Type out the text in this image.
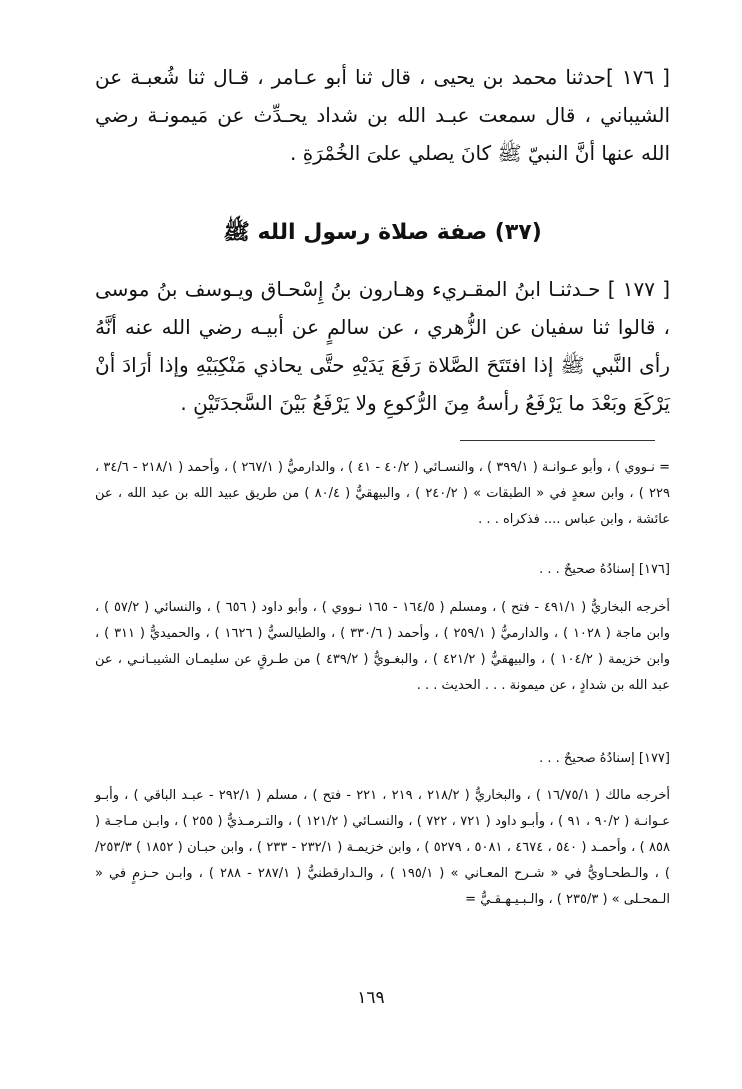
[ ١٧٦ ]حدثنا محمد بن يحيى ، قال ثنا أبو عـامر ، قـال ثنا شُعبـة عن الشيباني ، قال سمعت عبـد الله بن شداد يحـدِّث عن مَيمونـة رضي الله عنها أنَّ النبيّ ﷺ كانَ يصلي علىَ الخُمْرَةِ .

(٣٧) صفة صلاة رسول الله ﷺ

[ ١٧٧ ] حـدثنـا ابنُ المقـريء وهـارون بنُ إِسْحـاق ويـوسف بنُ موسى ، قالوا ثنا سفيان عن الزُّهري ، عن سالمٍ عن أبيـه رضي الله عنه أنَّهُ رأى النَّبي ﷺ إذا افتَتَحَ الصَّلاة رَفَعَ يَدَيْهِ حتَّى يحاذي مَنْكِبَيْهِ وإذا أرَادَ أنْ يَرْكَعَ وبَعْدَ ما يَرْفَعُ رأسهُ مِنَ الرُّكوعِ ولا يَرْفَعُ بَيْنَ السَّجدَتَيْنِ .

= نـووي ) ، وأبو عـوانـة ( ٣٩٩/١ ) ، والنسـائي ( ٤٠/٢ - ٤١ ) ، والدارميُّ ( ٢٦٧/١ ) ، وأحمد ( ٢١٨/١ - ٣٤/٦ ، ٢٢٩ ) ، وابن سعدٍ في « الطبقات » ( ٢٤٠/٢ ) ، والبيهقيُّ ( ٨٠/٤ ) من طريق عبيد الله بن عبد الله ، عن عائشة ، وابن عباس .... فذكراه . . .

[١٧٦] إسنادُهُ صحيحٌ . . .

أخرجه البخاريُّ ( ٤٩١/١ - فتح ) ، ومسلم ( ١٦٤/٥ - ١٦٥ نـووي ) ، وأبو داود ( ٦٥٦ ) ، والنسائي ( ٥٧/٢ ) ، وابن ماجة ( ١٠٢٨ ) ، والدارميُّ ( ٢٥٩/١ ) ، وأحمد ( ٣٣٠/٦ ) ، والطيالسيُّ ( ١٦٢٦ ) ، والحميديُّ ( ٣١١ ) ، وابن خزيمة ( ١٠٤/٢ ) ، والبيهقيُّ ( ٤٢١/٢ ) ، والبغـويُّ ( ٤٣٩/٢ ) من طـرقٍ عن سليمـان الشيبـانـي ، عن عبد الله بن شدادٍ ، عن ميمونة . . . الحديث . . .

[١٧٧] إسنادُهُ صحيحٌ . . .

أخرجه مالك ( ١٦/٧٥/١ ) ، والبخاريُّ ( ٢١٨/٢ ، ٢١٩ ، ٢٢١ - فتح ) ، مسلم ( ٢٩٢/١ - عبـد الباقي ) ، وأبـو عـوانـة ( ٩٠/٢ ، ٩١ ) ، وأبـو داود ( ٧٢١ ، ٧٢٢ ) ، والنسـائي ( ١٢١/٢ ) ، والتـرمـذيُّ ( ٢٥٥ ) ، وابـن مـاجـة ( ٨٥٨ ) ، وأحمـد ( ٥٤٠ ، ٤٦٧٤ ، ٥٠٨١ ، ٥٢٧٩ ) ، وابن خزيمـة ( ٢٣٢/١ - ٢٣٣ ) ، وابن حبـان ( ١٨٥٢ ) ٢٥٣/٣/ ) ، والـطحـاويُّ في « شـرح المعـاني » ( ١٩٥/١ ) ، والـدارقطنيُّ ( ٢٨٧/١ - ٢٨٨ ) ، وابـن حـزمٍ في « الـمحـلى » ( ٢٣٥/٣ ) ، والـبـيـهـقـيُّ =

١٦٩
